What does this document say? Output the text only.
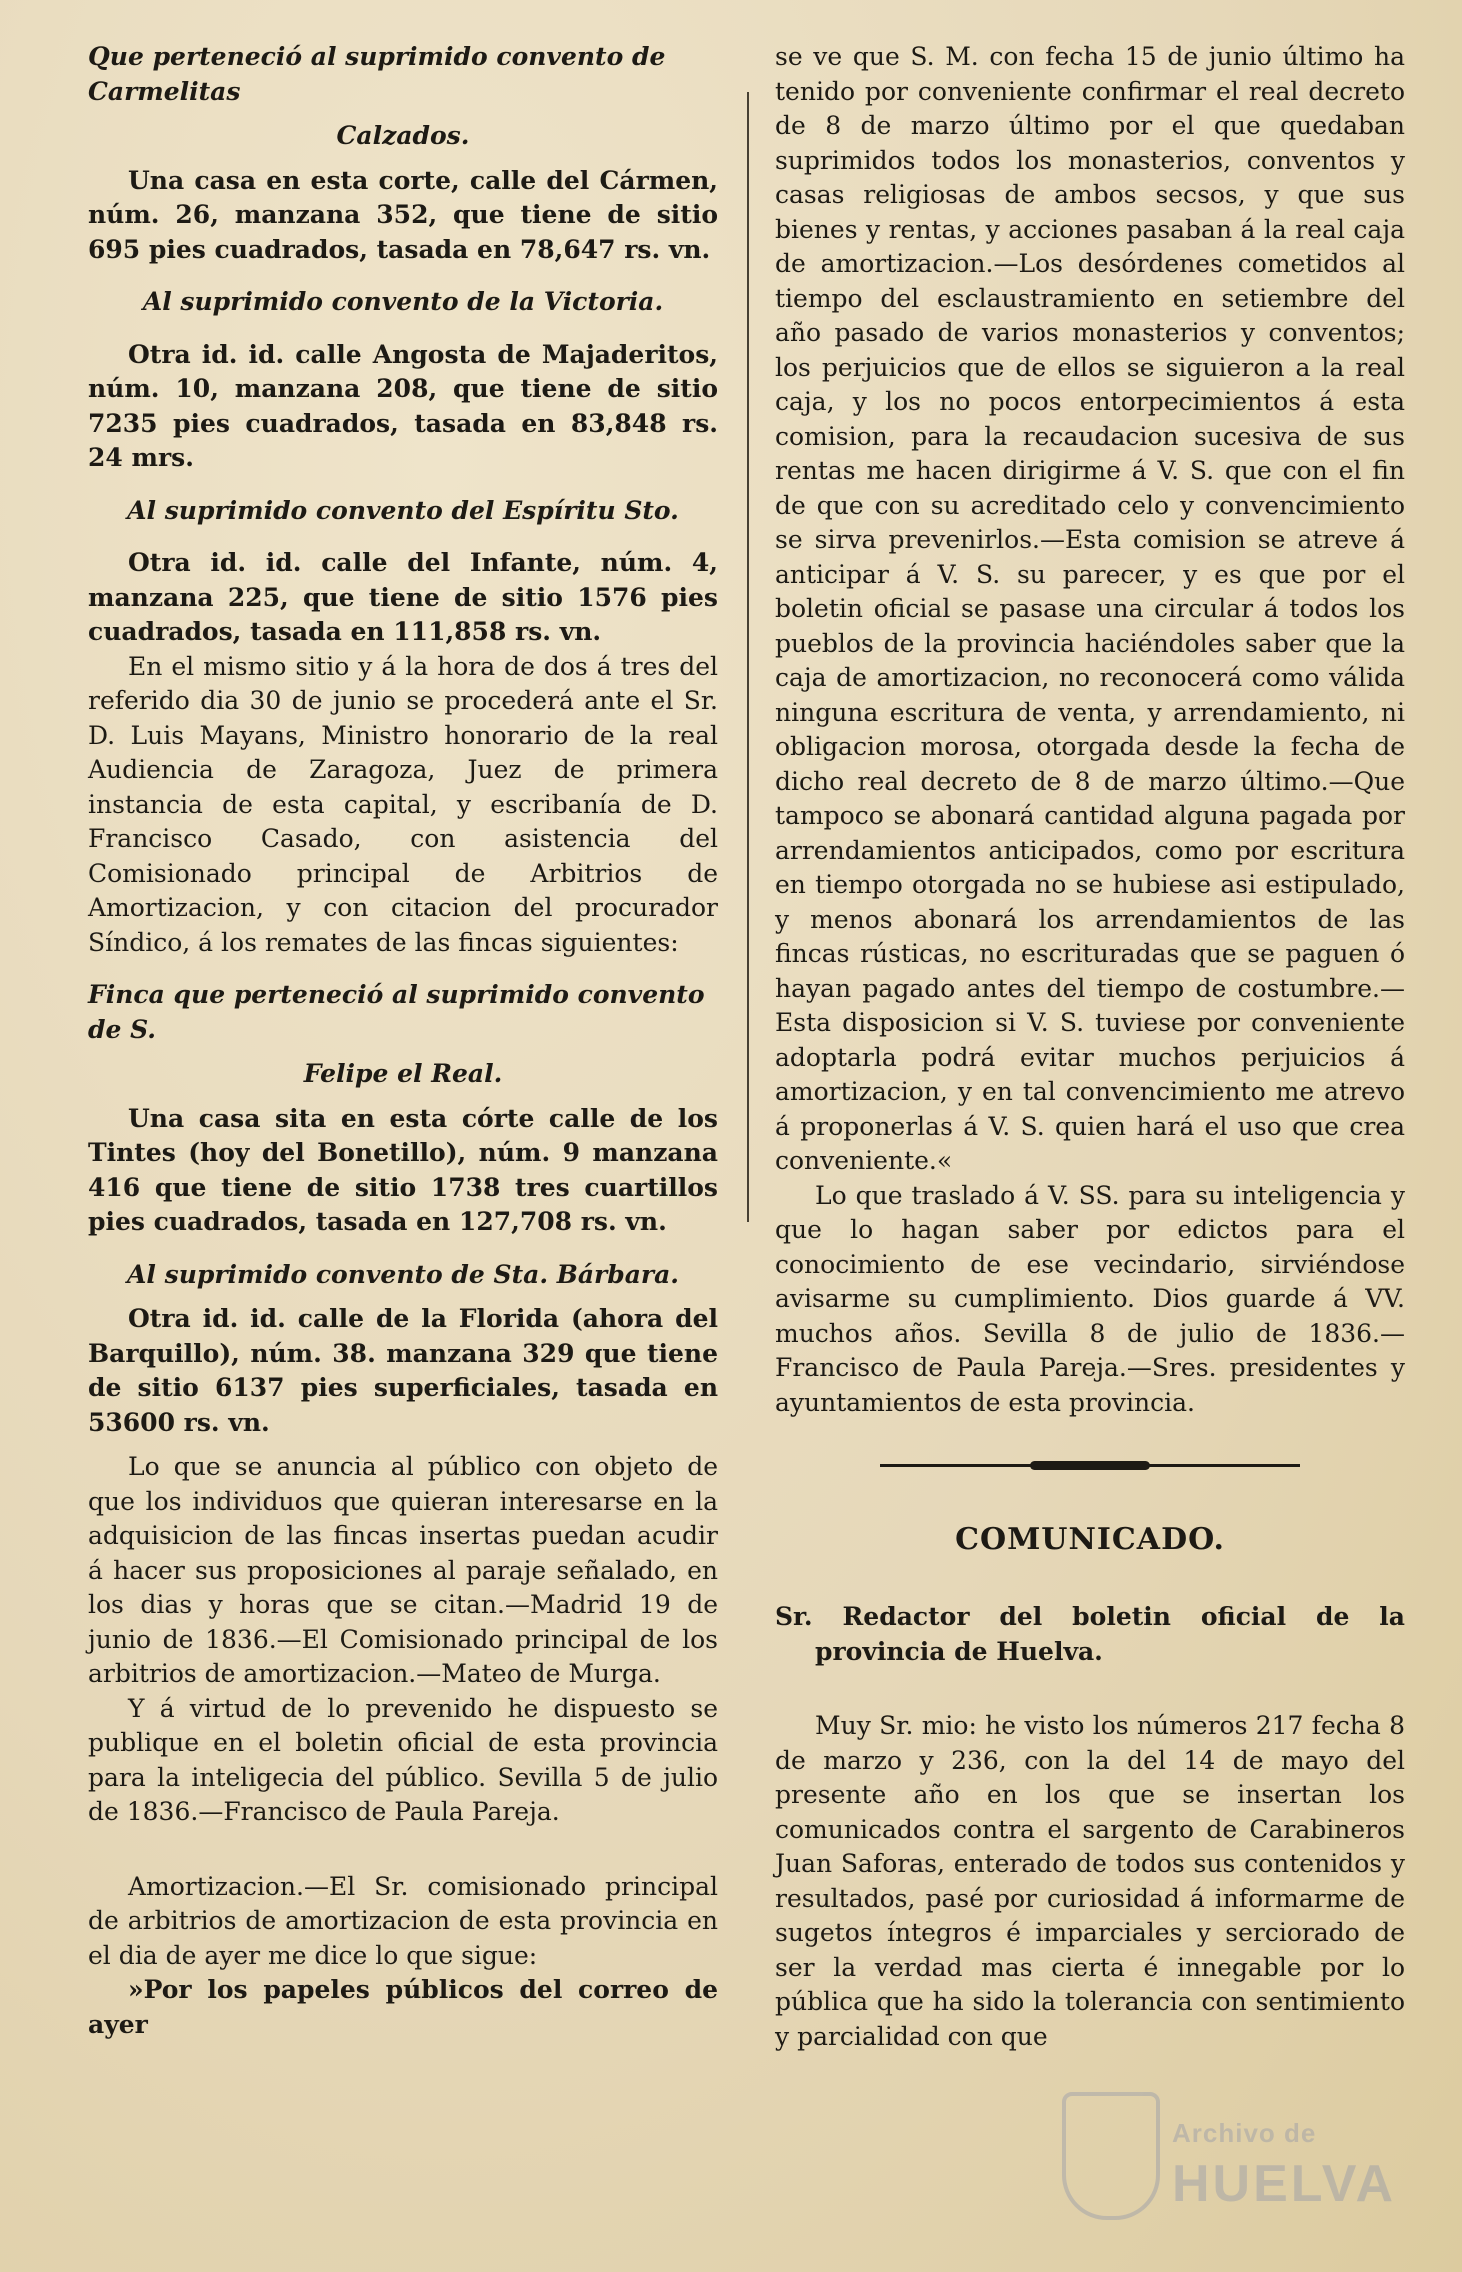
Que perteneció al suprimido convento de Carmelitas

Calzados.

Una casa en esta corte, calle del Cármen, núm. 26, manzana 352, que tiene de sitio 695 pies cuadrados, tasada en 78,647 rs. vn.

Al suprimido convento de la Victoria.

Otra id. id. calle Angosta de Majaderitos, núm. 10, manzana 208, que tiene de sitio 7235 pies cuadrados, tasada en 83,848 rs. 24 mrs.

Al suprimido convento del Espíritu Sto.

Otra id. id. calle del Infante, núm. 4, manzana 225, que tiene de sitio 1576 pies cuadrados, tasada en 111,858 rs. vn.

En el mismo sitio y á la hora de dos á tres del referido dia 30 de junio se procederá ante el Sr. D. Luis Mayans, Ministro honorario de la real Audiencia de Zaragoza, Juez de primera instancia de esta capital, y escribanía de D. Francisco Casado, con asistencia del Comisionado principal de Arbitrios de Amortizacion, y con citacion del procurador Síndico, á los remates de las fincas siguientes:

Finca que perteneció al suprimido convento de S.

Felipe el Real.

Una casa sita en esta córte calle de los Tintes (hoy del Bonetillo), núm. 9 manzana 416 que tiene de sitio 1738 tres cuartillos pies cuadrados, tasada en 127,708 rs. vn.

Al suprimido convento de Sta. Bárbara.

Otra id. id. calle de la Florida (ahora del Barquillo), núm. 38. manzana 329 que tiene de sitio 6137 pies superficiales, tasada en 53600 rs. vn.

Lo que se anuncia al público con objeto de que los individuos que quieran interesarse en la adquisicion de las fincas insertas puedan acudir á hacer sus proposiciones al paraje señalado, en los dias y horas que se citan.—Madrid 19 de junio de 1836.—El Comisionado principal de los arbitrios de amortizacion.—Mateo de Murga.

Y á virtud de lo prevenido he dispuesto se publique en el boletin oficial de esta provincia para la inteligecia del público. Sevilla 5 de julio de 1836.—Francisco de Paula Pareja.

Amortizacion.—El Sr. comisionado principal de arbitrios de amortizacion de esta provincia en el dia de ayer me dice lo que sigue:

»Por los papeles públicos del correo de ayer

se ve que S. M. con fecha 15 de junio último ha tenido por conveniente confirmar el real decreto de 8 de marzo último por el que quedaban suprimidos todos los monasterios, conventos y casas religiosas de ambos secsos, y que sus bienes y rentas, y acciones pasaban á la real caja de amortizacion.—Los desórdenes cometidos al tiempo del esclaustramiento en setiembre del año pasado de varios monasterios y conventos; los perjuicios que de ellos se siguieron a la real caja, y los no pocos entorpecimientos á esta comision, para la recaudacion sucesiva de sus rentas me hacen dirigirme á V. S. que con el fin de que con su acreditado celo y convencimiento se sirva prevenirlos.—Esta comision se atreve á anticipar á V. S. su parecer, y es que por el boletin oficial se pasase una circular á todos los pueblos de la provincia haciéndoles saber que la caja de amortizacion, no reconocerá como válida ninguna escritura de venta, y arrendamiento, ni obligacion morosa, otorgada desde la fecha de dicho real decreto de 8 de marzo último.—Que tampoco se abonará cantidad alguna pagada por arrendamientos anticipados, como por escritura en tiempo otorgada no se hubiese asi estipulado, y menos abonará los arrendamientos de las fincas rústicas, no escrituradas que se paguen ó hayan pagado antes del tiempo de costumbre.—Esta disposicion si V. S. tuviese por conveniente adoptarla podrá evitar muchos perjuicios á amortizacion, y en tal convencimiento me atrevo á proponerlas á V. S. quien hará el uso que crea conveniente.«

Lo que traslado á V. SS. para su inteligencia y que lo hagan saber por edictos para el conocimiento de ese vecindario, sirviéndose avisarme su cumplimiento. Dios guarde á VV. muchos años. Sevilla 8 de julio de 1836.—Francisco de Paula Pareja.—Sres. presidentes y ayuntamientos de esta provincia.

COMUNICADO.

Sr. Redactor del boletin oficial de la provincia de Huelva.

Muy Sr. mio: he visto los números 217 fecha 8 de marzo y 236, con la del 14 de mayo del presente año en los que se insertan los comunicados contra el sargento de Carabineros Juan Saforas, enterado de todos sus contenidos y resultados, pasé por curiosidad á informarme de sugetos íntegros é imparciales y serciorado de ser la verdad mas cierta é innegable por lo pública que ha sido la tolerancia con sentimiento y parcialidad con que

Archivo de
HUELVA
